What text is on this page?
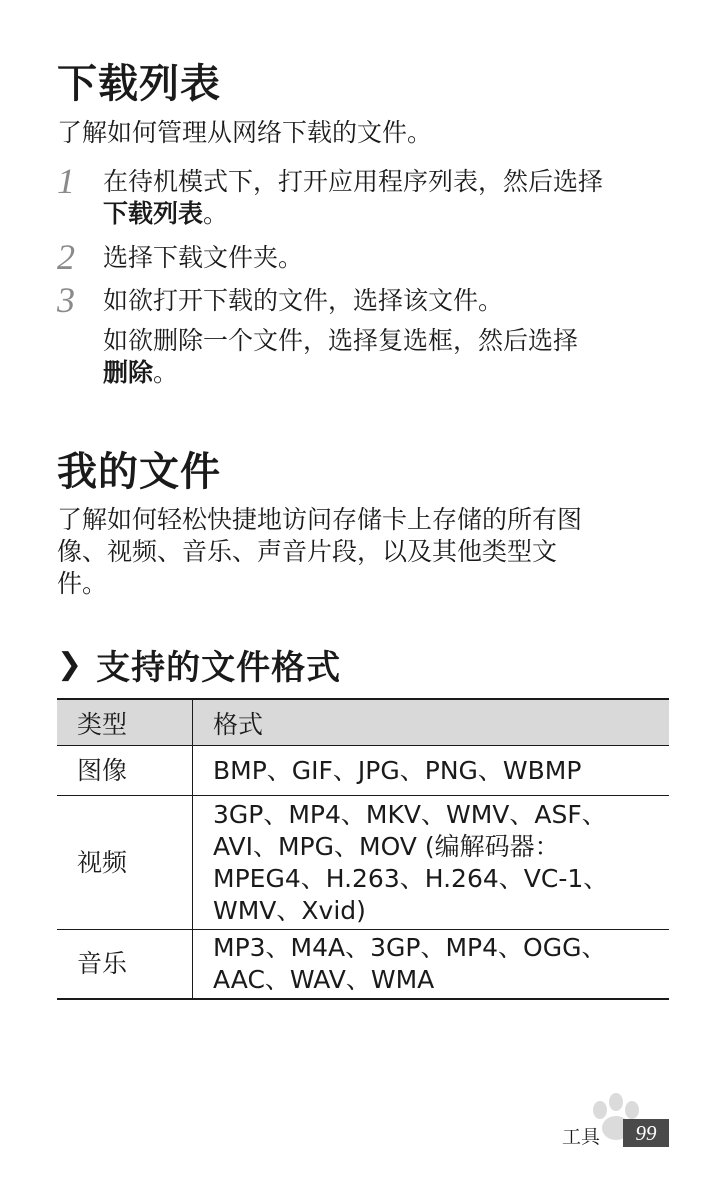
下载列表
了解如何管理从网络下载的文件。
1 在待机模式下，打开应用程序列表，然后选择
下载列表。
2 选择下载文件夹。
3 如欲打开下载的文件，选择该文件。
如欲删除一个文件，选择复选框，然后选择
删除。
我的文件
了解如何轻松快捷地访问存储卡上存储的所有图
像、视频、音乐、声音片段，以及其他类型文
件。
❯ 支持的文件格式
类型	格式
图像	BMP、GIF、JPG、PNG、WBMP

视频	3GP、MP4、MKV、WMV、ASF、
AVI、MPG、MOV (编解码器：
MPEG4、H.263、H.264、VC-1、
WMV、Xvid)

音乐	MP3、M4A、3GP、MP4、OGG、
AAC、WAV、WMA
工具 99
